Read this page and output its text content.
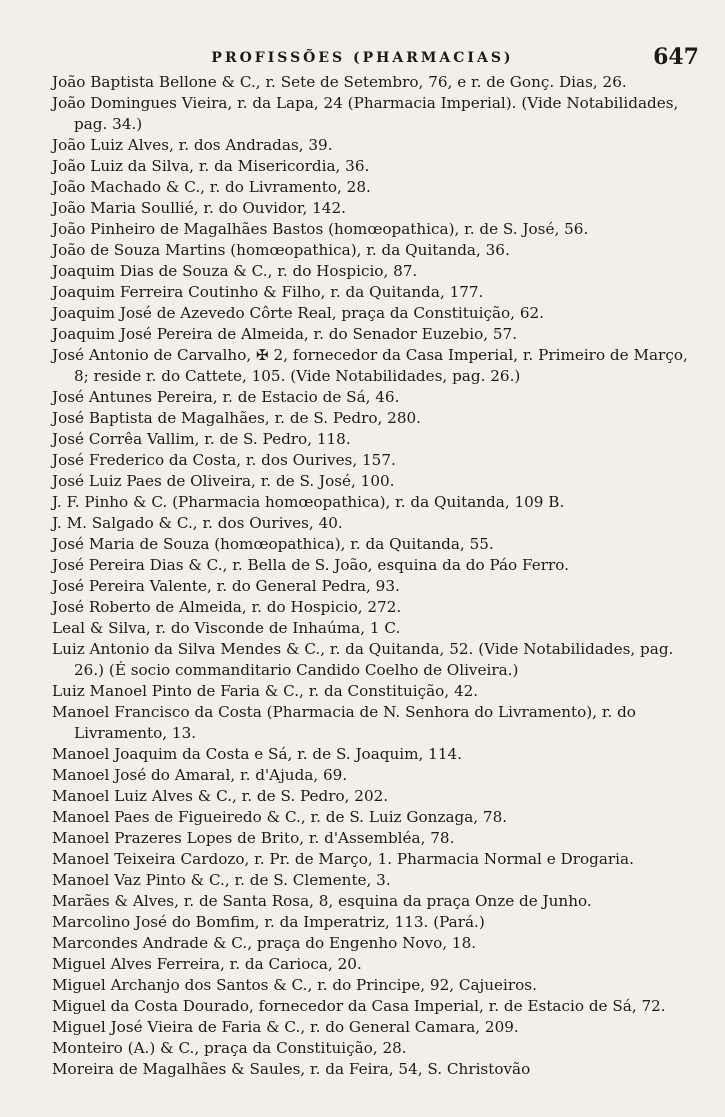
PROFISSÕES (PHARMACIAS)	647
João Baptista Bellone & C., r. Sete de Setembro, 76, e r. de Gonç. Dias, 26.
João Domingues Vieira, r. da Lapa, 24 (Pharmacia Imperial). (Vide Notabilidades, pag. 34.)
João Luiz Alves, r. dos Andradas, 39.
João Luiz da Silva, r. da Misericordia, 36.
João Machado & C., r. do Livramento, 28.
João Maria Soullié, r. do Ouvidor, 142.
João Pinheiro de Magalhães Bastos (homœopathica), r. de S. José, 56.
João de Souza Martins (homœopathica), r. da Quitanda, 36.
Joaquim Dias de Souza & C., r. do Hospicio, 87.
Joaquim Ferreira Coutinho & Filho, r. da Quitanda, 177.
Joaquim José de Azevedo Côrte Real, praça da Constituição, 62.
Joaquim José Pereira de Almeida, r. do Senador Euzebio, 57.
José Antonio de Carvalho, ✠ 2, fornecedor da Casa Imperial, r. Primeiro de Março, 8; reside r. do Cattete, 105. (Vide Notabilidades, pag. 26.)
José Antunes Pereira, r. de Estacio de Sá, 46.
José Baptista de Magalhães, r. de S. Pedro, 280.
José Corrêa Vallim, r. de S. Pedro, 118.
José Frederico da Costa, r. dos Ourives, 157.
José Luiz Paes de Oliveira, r. de S. José, 100.
J. F. Pinho & C. (Pharmacia homœopathica), r. da Quitanda, 109 B.
J. M. Salgado & C., r. dos Ourives, 40.
José Maria de Souza (homœopathica), r. da Quitanda, 55.
José Pereira Dias & C., r. Bella de S. João, esquina da do Páo Ferro.
José Pereira Valente, r. do General Pedra, 93.
José Roberto de Almeida, r. do Hospicio, 272.
Leal & Silva, r. do Visconde de Inhaúma, 1 C.
Luiz Antonio da Silva Mendes & C., r. da Quitanda, 52. (Vide Notabilidades, pag. 26.) (É socio commanditario Candido Coelho de Oliveira.)
Luiz Manoel Pinto de Faria & C., r. da Constituição, 42.
Manoel Francisco da Costa (Pharmacia de N. Senhora do Livramento), r. do Livramento, 13.
Manoel Joaquim da Costa e Sá, r. de S. Joaquim, 114.
Manoel José do Amaral, r. d'Ajuda, 69.
Manoel Luiz Alves & C., r. de S. Pedro, 202.
Manoel Paes de Figueiredo & C., r. de S. Luiz Gonzaga, 78.
Manoel Prazeres Lopes de Brito, r. d'Assembléa, 78.
Manoel Teixeira Cardozo, r. Pr. de Março, 1. Pharmacia Normal e Drogaria.
Manoel Vaz Pinto & C., r. de S. Clemente, 3.
Marães & Alves, r. de Santa Rosa, 8, esquina da praça Onze de Junho.
Marcolino José do Bomfim, r. da Imperatriz, 113. (Pará.)
Marcondes Andrade & C., praça do Engenho Novo, 18.
Miguel Alves Ferreira, r. da Carioca, 20.
Miguel Archanjo dos Santos & C., r. do Principe, 92, Cajueiros.
Miguel da Costa Dourado, fornecedor da Casa Imperial, r. de Estacio de Sá, 72.
Miguel José Vieira de Faria & C., r. do General Camara, 209.
Monteiro (A.) & C., praça da Constituição, 28.
Moreira de Magalhães & Saules, r. da Feira, 54, S. Christovão
